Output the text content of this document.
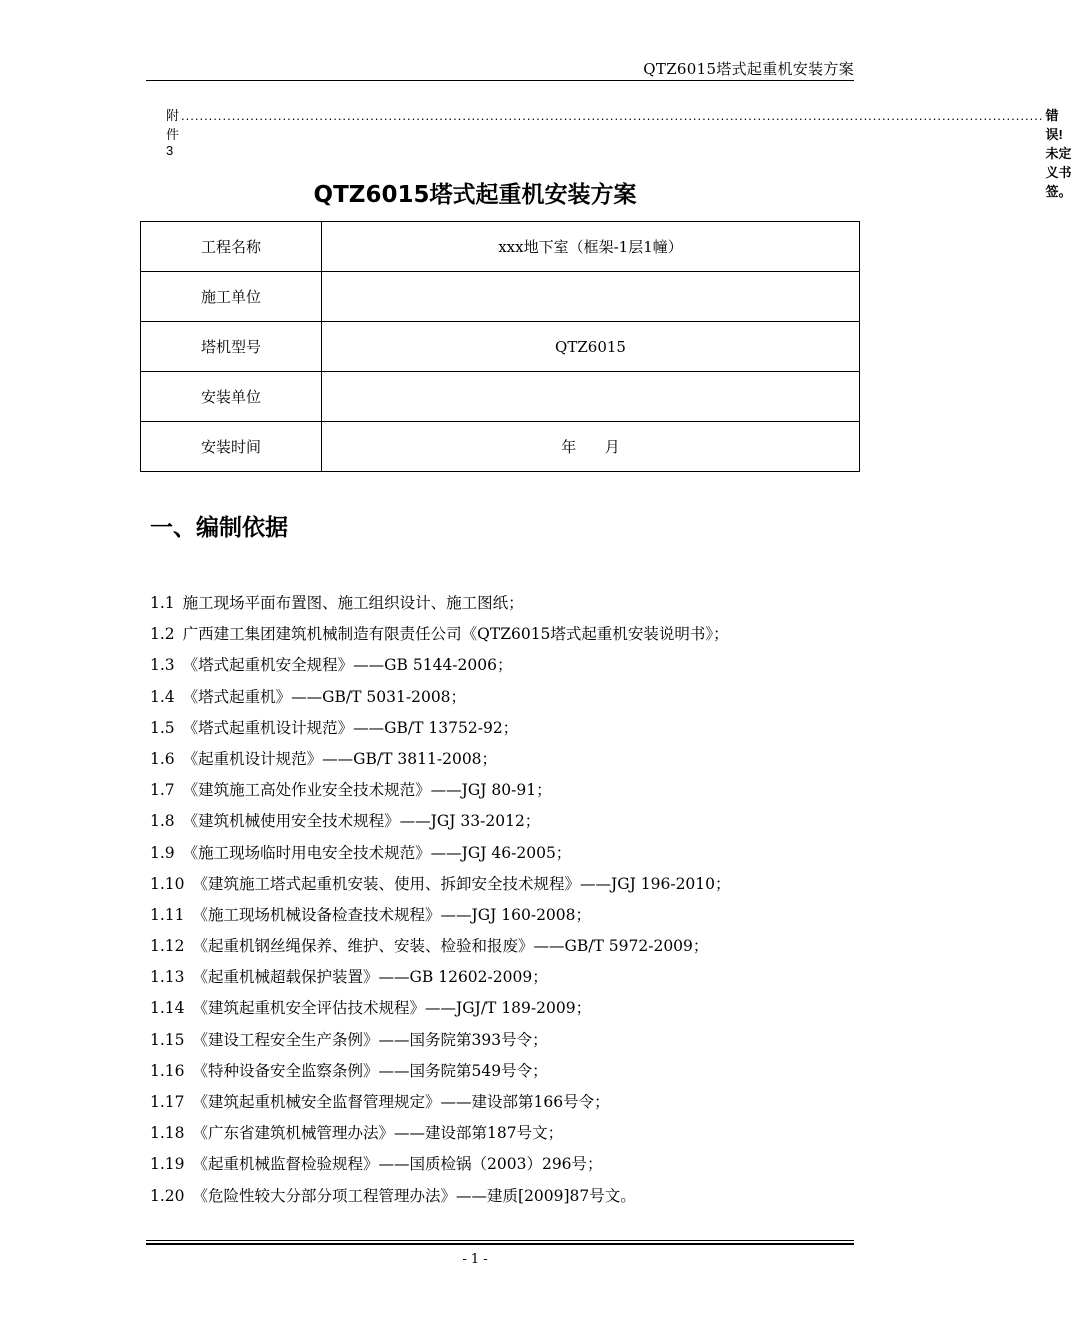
QTZ6015塔式起重机安装方案
附件 3
........................................................................................................................................................................................... 错误!未定义书签。
QTZ6015塔式起重机安装方案
工程名称	xxx地下室（框架-1层1幢）
施工单位	
塔机型号	QTZ6015
安装单位	
安装时间	年      月
一、编制依据
1.1 施工现场平面布置图、施工组织设计、施工图纸；
1.2 广西建工集团建筑机械制造有限责任公司《QTZ6015塔式起重机安装说明书》；
1.3 《塔式起重机安全规程》——GB 5144-2006；
1.4 《塔式起重机》——GB/T 5031-2008；
1.5 《塔式起重机设计规范》——GB/T 13752-92；
1.6 《起重机设计规范》——GB/T 3811-2008；
1.7 《建筑施工高处作业安全技术规范》——JGJ 80-91；
1.8 《建筑机械使用安全技术规程》——JGJ 33-2012；
1.9 《施工现场临时用电安全技术规范》——JGJ 46-2005；
1.10 《建筑施工塔式起重机安装、使用、拆卸安全技术规程》——JGJ 196-2010；
1.11 《施工现场机械设备检查技术规程》——JGJ 160-2008；
1.12 《起重机钢丝绳保养、维护、安装、检验和报废》——GB/T 5972-2009；
1.13 《起重机械超载保护装置》——GB 12602-2009；
1.14 《建筑起重机安全评估技术规程》——JGJ/T 189-2009；
1.15 《建设工程安全生产条例》——国务院第393号令；
1.16 《特种设备安全监察条例》——国务院第549号令；
1.17 《建筑起重机械安全监督管理规定》——建设部第166号令；
1.18 《广东省建筑机械管理办法》——建设部第187号文；
1.19 《起重机械监督检验规程》——国质检锅（2003）296号；
1.20 《危险性较大分部分项工程管理办法》——建质[2009]87号文。
- 1 -
